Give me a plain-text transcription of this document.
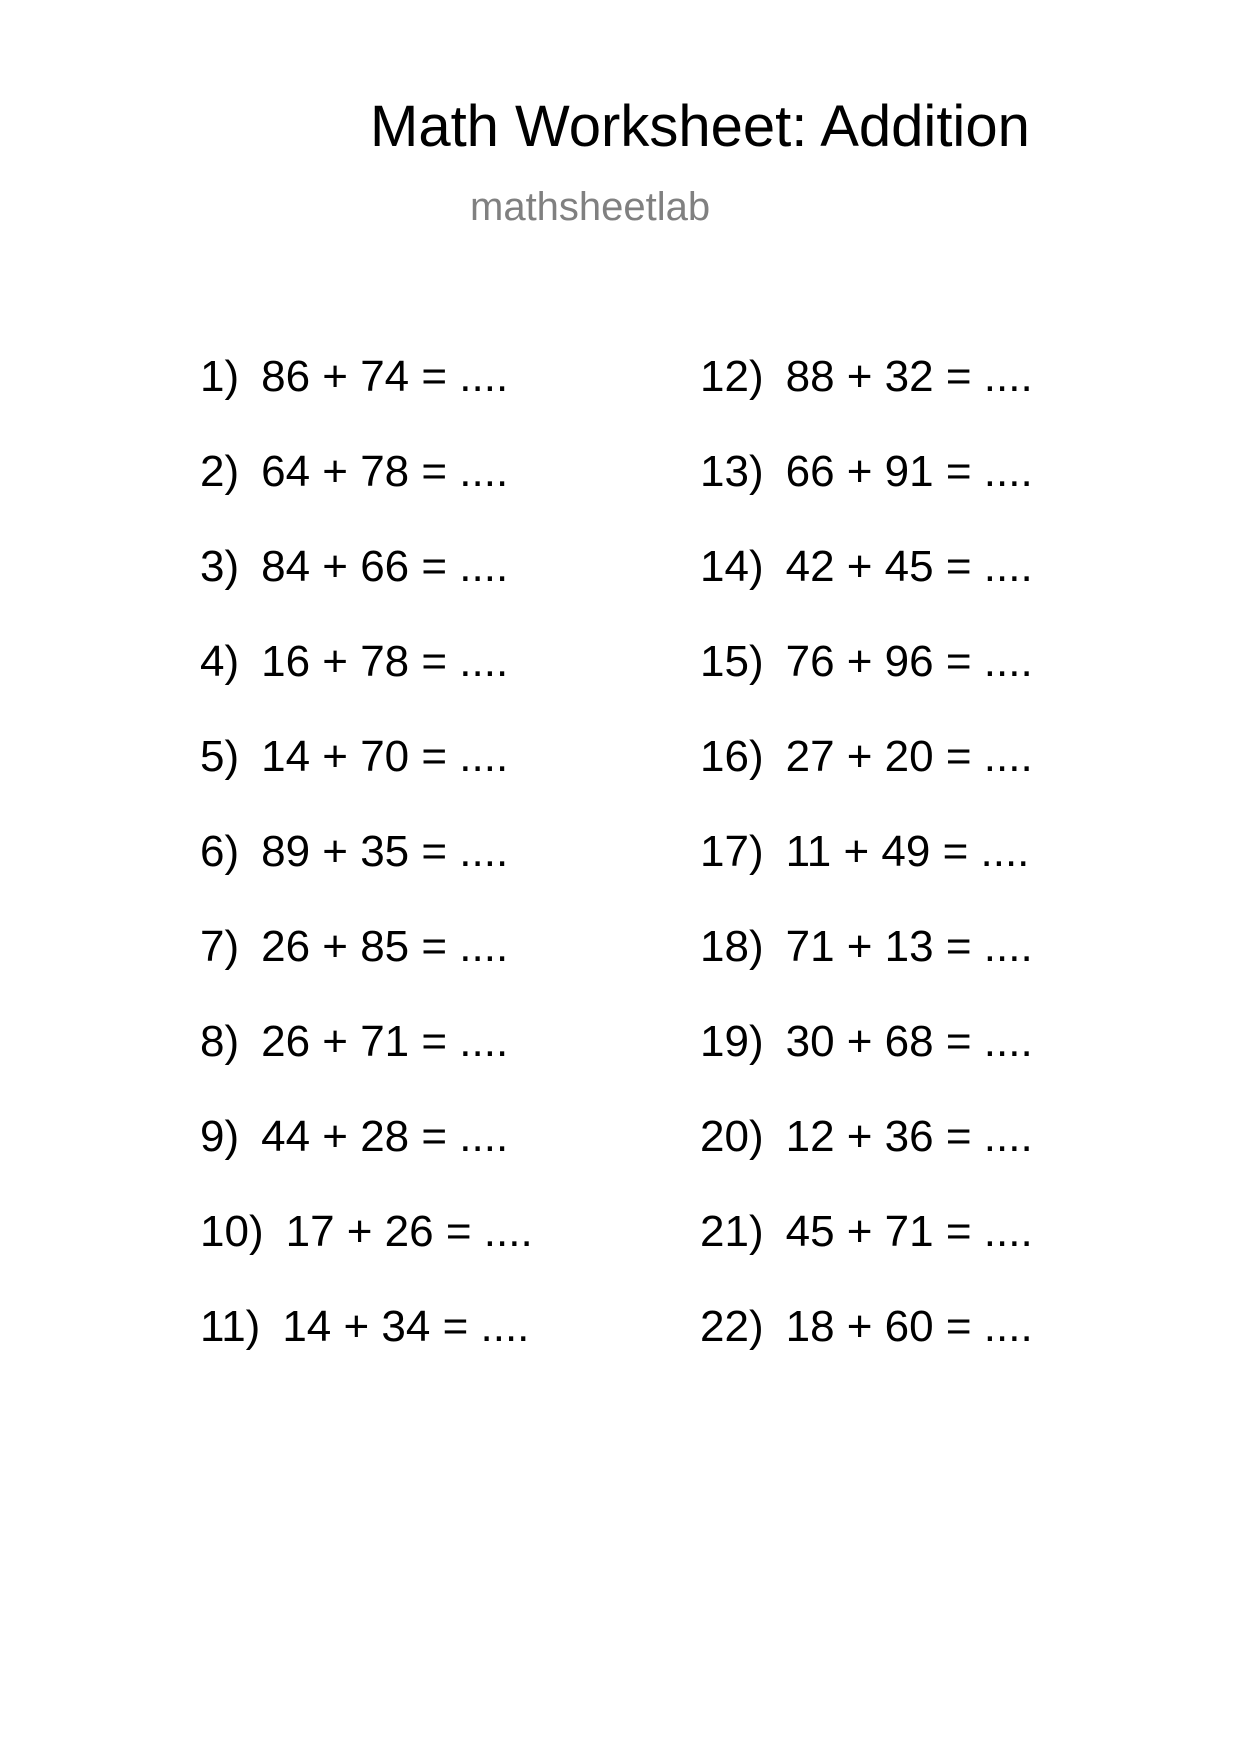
Math Worksheet: Addition
mathsheetlab
1) 86 + 74 = ....
2) 64 + 78 = ....
3) 84 + 66 = ....
4) 16 + 78 = ....
5) 14 + 70 = ....
6) 89 + 35 = ....
7) 26 + 85 = ....
8) 26 + 71 = ....
9) 44 + 28 = ....
10) 17 + 26 = ....
11) 14 + 34 = ....
12) 88 + 32 = ....
13) 66 + 91 = ....
14) 42 + 45 = ....
15) 76 + 96 = ....
16) 27 + 20 = ....
17) 11 + 49 = ....
18) 71 + 13 = ....
19) 30 + 68 = ....
20) 12 + 36 = ....
21) 45 + 71 = ....
22) 18 + 60 = ....
